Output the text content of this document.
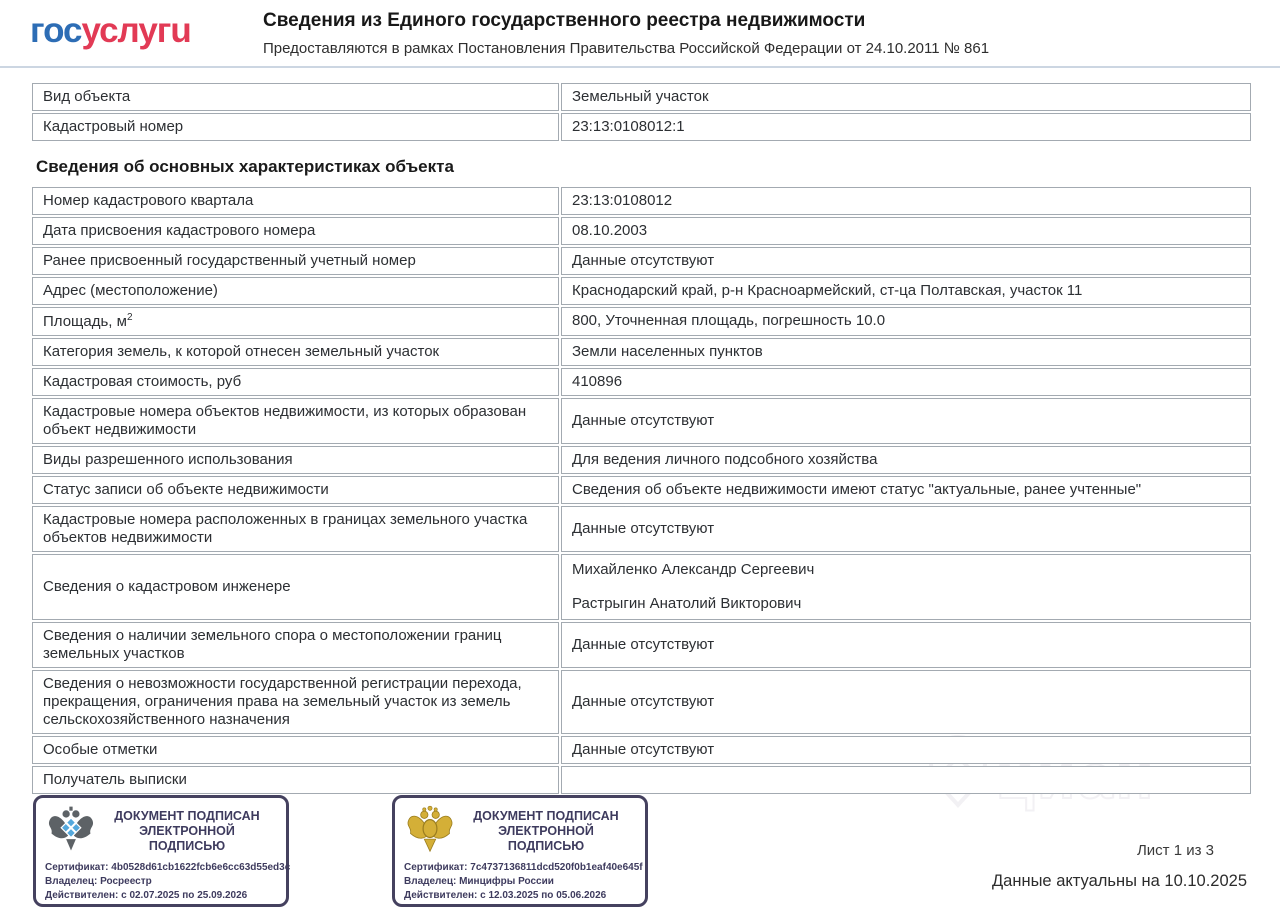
госуслугu	Сведения из Единого государственного реестра недвижимости
Предоставляются в рамках Постановления Правительства Российской Федерации от 24.10.2011 № 861
Вид объекта	Земельный участок
Кадастровый номер	23:13:0108012:1
Сведения об основных характеристиках объекта
Номер кадастрового квартала	23:13:0108012
Дата присвоения кадастрового номера	08.10.2003
Ранее присвоенный государственный учетный номер	Данные отсутствуют
Адрес (местоположение)	Краснодарский край, р-н Красноармейский, ст-ца Полтавская, участок 11
Площадь, $м^2$	800, Уточненная площадь, погрешность 10.0
Категория земель, к которой отнесен земельный участок	Земли населенных пунктов
Кадастровая стоимость, руб	410896
Кадастровые номера объектов недвижимости, из которых образован объект недвижимости	Данные отсутствуют
Виды разрешенного использования	Для ведения личного подсобного хозяйства
Статус записи об объекте недвижимости	Сведения об объекте недвижимости имеют статус "актуальные, ранее учтенные"
Кадастровые номера расположенных в границах земельного участка объектов недвижимости	Данные отсутствуют
Сведения о кадастровом инженере	Михайленко Александр Сергеевич
Растрыгин Анатолий Викторович

Сведения о наличии земельного спора о местоположении границ земельных участков	Данные отсутствуют
Сведения о невозможности государственной регистрации перехода, прекращения, ограничения права на земельный участок из земель сельскохозяйственного назначения	Данные отсутствуют
Особые отметки	Данные отсутствуют
Получатель выписки	
ДОКУМЕНТ ПОДПИСАН
ЭЛЕКТРОННОЙ
ПОДПИСЬЮ
Сертификат: 4b0528d61cb1622fcb6e6cc63d55ed3c
Владелец: Росреестр
Действителен: с 02.07.2025 по 25.09.2026
ДОКУМЕНТ ПОДПИСАН
ЭЛЕКТРОННОЙ
ПОДПИСЬЮ
Сертификат: 7c4737136811dcd520f0b1eaf40e645f
Владелец: Минцифры России
Действителен: с 12.03.2025 по 05.06.2026
Лист 1 из 3
Данные актуальны на 10.10.2025
